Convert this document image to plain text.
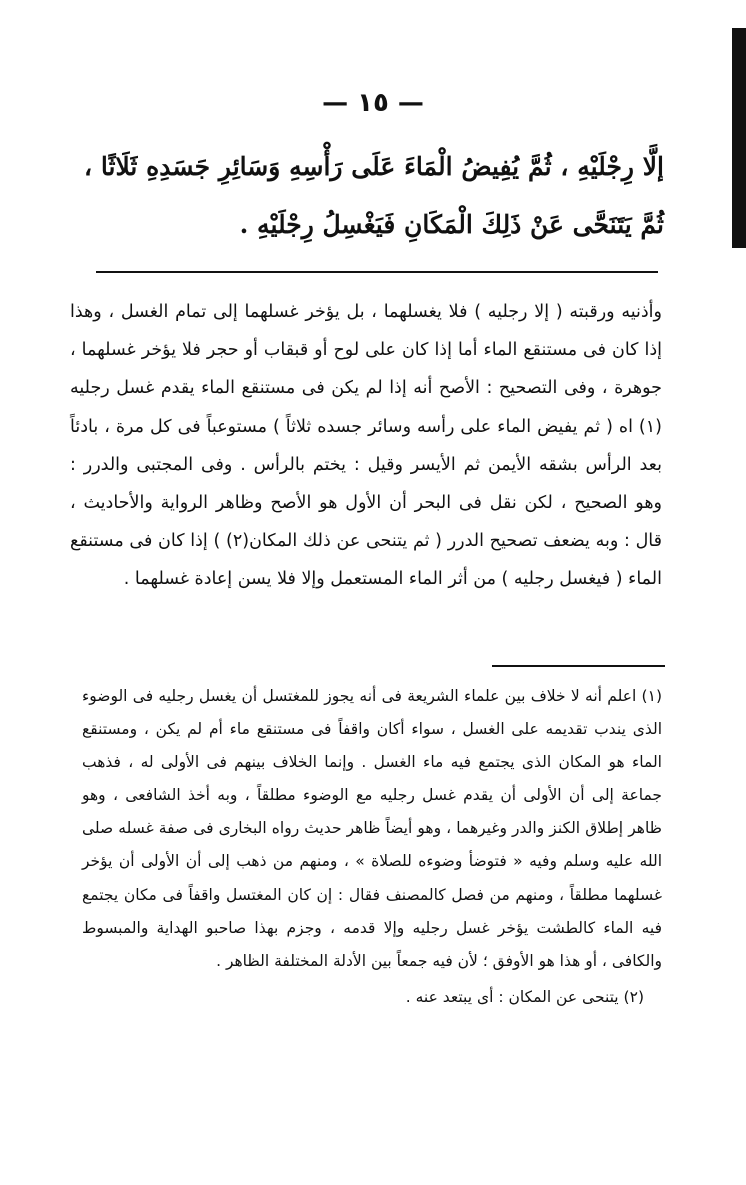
— ١٥ —
إلَّا رِجْلَيْهِ ، ثُمَّ يُفِيضُ الْمَاءَ عَلَى رَأْسِهِ وَسَائِرِ جَسَدِهِ ثَلَاثًا ، ثُمَّ يَتَنَحَّى عَنْ ذَلِكَ الْمَكَانِ فَيَغْسِلُ رِجْلَيْهِ .
وأذنيه ورقبته ( إلا رجليه ) فلا يغسلهما ، بل يؤخر غسلهما إلى تمام الغسل ، وهذا إذا كان فى مستنقع الماء أما إذا كان على لوح أو قبقاب أو حجر فلا يؤخر غسلهما ، جوهرة ، وفى التصحيح : الأصح أنه إذا لم يكن فى مستنقع الماء يقدم غسل رجليه (١) اه ( ثم يفيض الماء على رأسه وسائر جسده ثلاثاً ) مستوعباً فى كل مرة ، بادئاً بعد الرأس بشقه الأيمن ثم الأيسر وقيل : يختم بالرأس . وفى المجتبى والدرر : وهو الصحيح ، لكن نقل فى البحر أن الأول هو الأصح وظاهر الرواية والأحاديث ، قال : وبه يضعف تصحيح الدرر ( ثم يتنحى عن ذلك المكان(٢) ) إذا كان فى مستنقع الماء ( فيغسل رجليه ) من أثر الماء المستعمل وإلا فلا يسن إعادة غسلهما .

(١) اعلم أنه لا خلاف بين علماء الشريعة فى أنه يجوز للمغتسل أن يغسل رجليه فى الوضوء الذى يندب تقديمه على الغسل ، سواء أكان واقفاً فى مستنقع ماء أم لم يكن ، ومستنقع الماء هو المكان الذى يجتمع فيه ماء الغسل . وإنما الخلاف بينهم فى الأولى له ، فذهب جماعة إلى أن الأولى أن يقدم غسل رجليه مع الوضوء مطلقاً ، وبه أخذ الشافعى ، وهو ظاهر إطلاق الكنز والدر وغيرهما ، وهو أيضاً ظاهر حديث رواه البخارى فى صفة غسله صلى الله عليه وسلم وفيه « فتوضأ وضوءه للصلاة » ، ومنهم من ذهب إلى أن الأولى أن يؤخر غسلهما مطلقاً ، ومنهم من فصل كالمصنف فقال : إن كان المغتسل واقفاً فى مكان يجتمع فيه الماء كالطشت يؤخر غسل رجليه وإلا قدمه ، وجزم بهذا صاحبو الهداية والمبسوط والكافى ، أو هذا هو الأوفق ؛ لأن فيه جمعاً بين الأدلة المختلفة الظاهر .

(٢) يتنحى عن المكان : أى يبتعد عنه .
